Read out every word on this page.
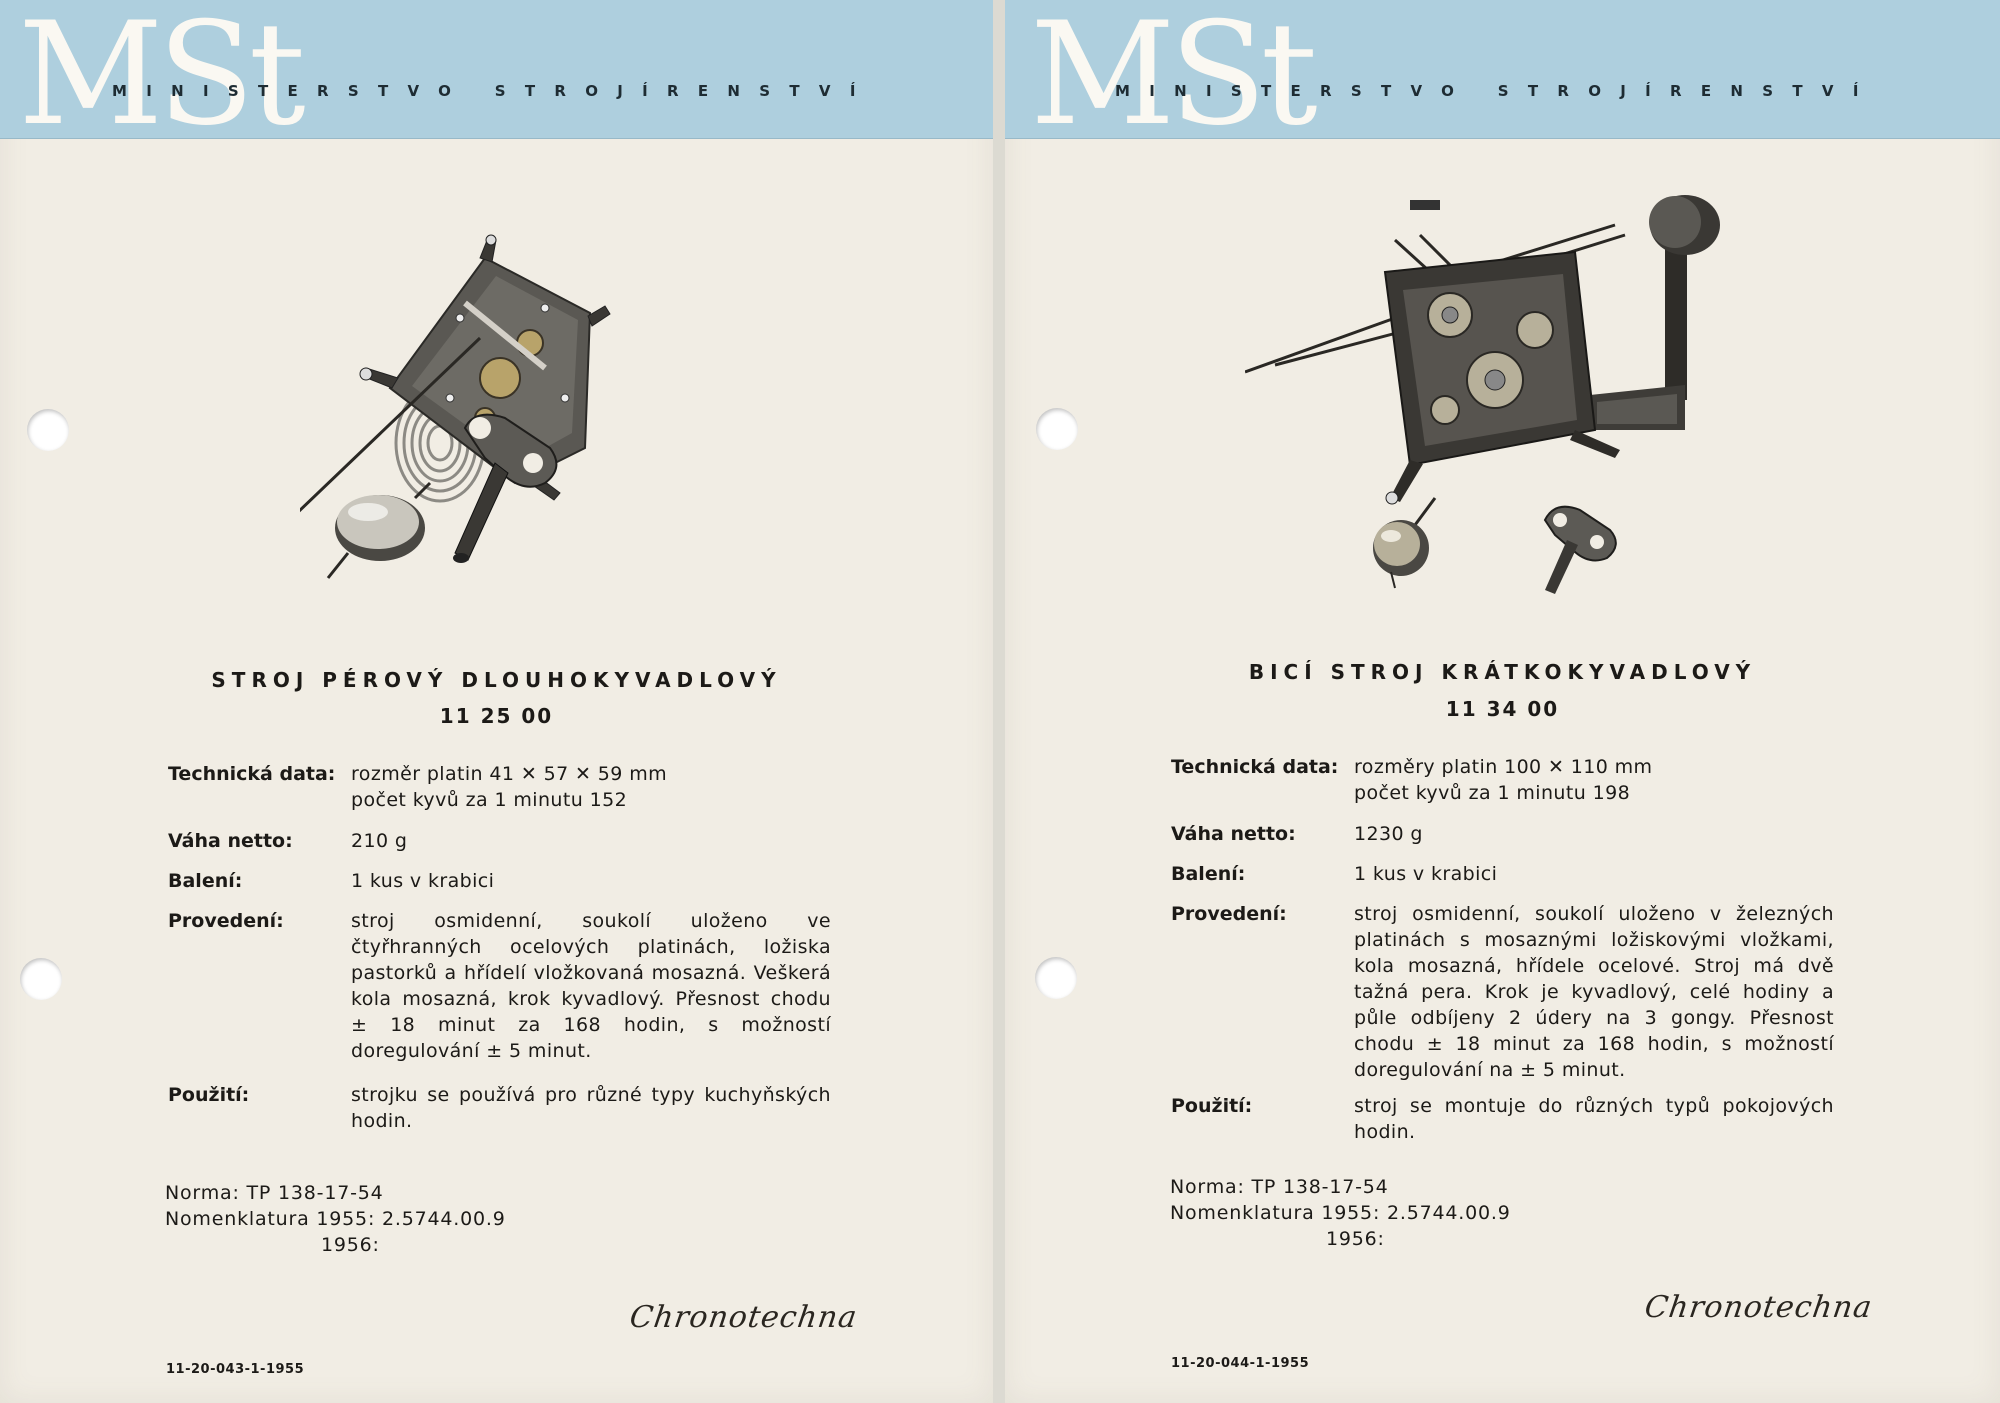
MSt
MINISTERSTVO STROJÍRENSTVÍ
STROJ PÉROVÝ DLOUHOKYVADLOVÝ
11 25 00
Technická data: rozměr platin 41 ✕ 57 ✕ 59 mm
počet kyvů za 1 minutu 152
Váha netto:	210 g
Balení:	1 kus v krabici
Provedení:	stroj osmidenní, soukolí uloženo ve čtyřhranných ocelových platinách, ložiska pastorků a hřídelí vložkovaná mosazná. Veškerá kola mosazná, krok kyvadlový. Přesnost chodu ± 18 minut za 168 hodin, s možností doregulování ± 5 minut.
Použití:	strojku se používá pro různé typy kuchyňských hodin.
Norma: TP 138-17-54
Nomenklatura 1955: 2.5744.00.9
1956:
Chronotechna
11-20-043-1-1955
MSt
MINISTERSTVO STROJÍRENSTVÍ
BICÍ STROJ KRÁTKOKYVADLOVÝ
11 34 00
Technická data: rozměry platin 100 ✕ 110 mm
počet kyvů za 1 minutu 198
Váha netto:	1230 g
Balení:	1 kus v krabici
Provedení:	stroj osmidenní, soukolí uloženo v železných platinách s mosaznými ložiskovými vložkami, kola mosazná, hřídele ocelové. Stroj má dvě tažná pera. Krok je kyvadlový, celé hodiny a půle odbíjeny 2 údery na 3 gongy. Přesnost chodu ± 18 minut za 168 hodin, s možností doregulování na ± 5 minut.
Použití:	stroj se montuje do různých typů pokojových hodin.
Norma: TP 138-17-54
Nomenklatura 1955: 2.5744.00.9
1956:
Chronotechna
11-20-044-1-1955
